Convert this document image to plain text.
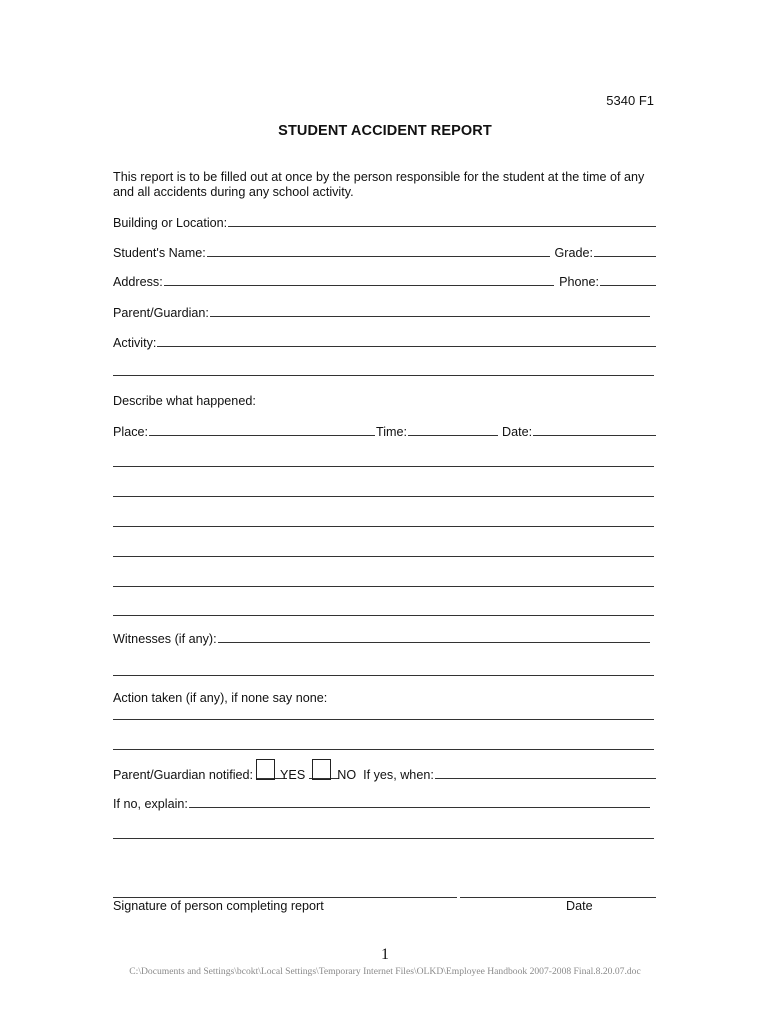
5340 F1
STUDENT ACCIDENT REPORT
This report is to be filled out at once by the person responsible for the student at the time of any and all accidents during any school activity.
Building or Location:
Student's Name:	Grade:
Address:	Phone:
Parent/Guardian:
Activity:
Describe what happened:
Place:	Time:	Date:
Witnesses (if any):
Action taken (if any), if none say none:
Parent/Guardian notified: YES	NO If yes, when:
If no, explain:
Signature of person completing report	Date
1
C:\Documents and Settings\bcokt\Local Settings\Temporary Internet Files\OLKD\Employee Handbook 2007-2008 Final.8.20.07.doc
